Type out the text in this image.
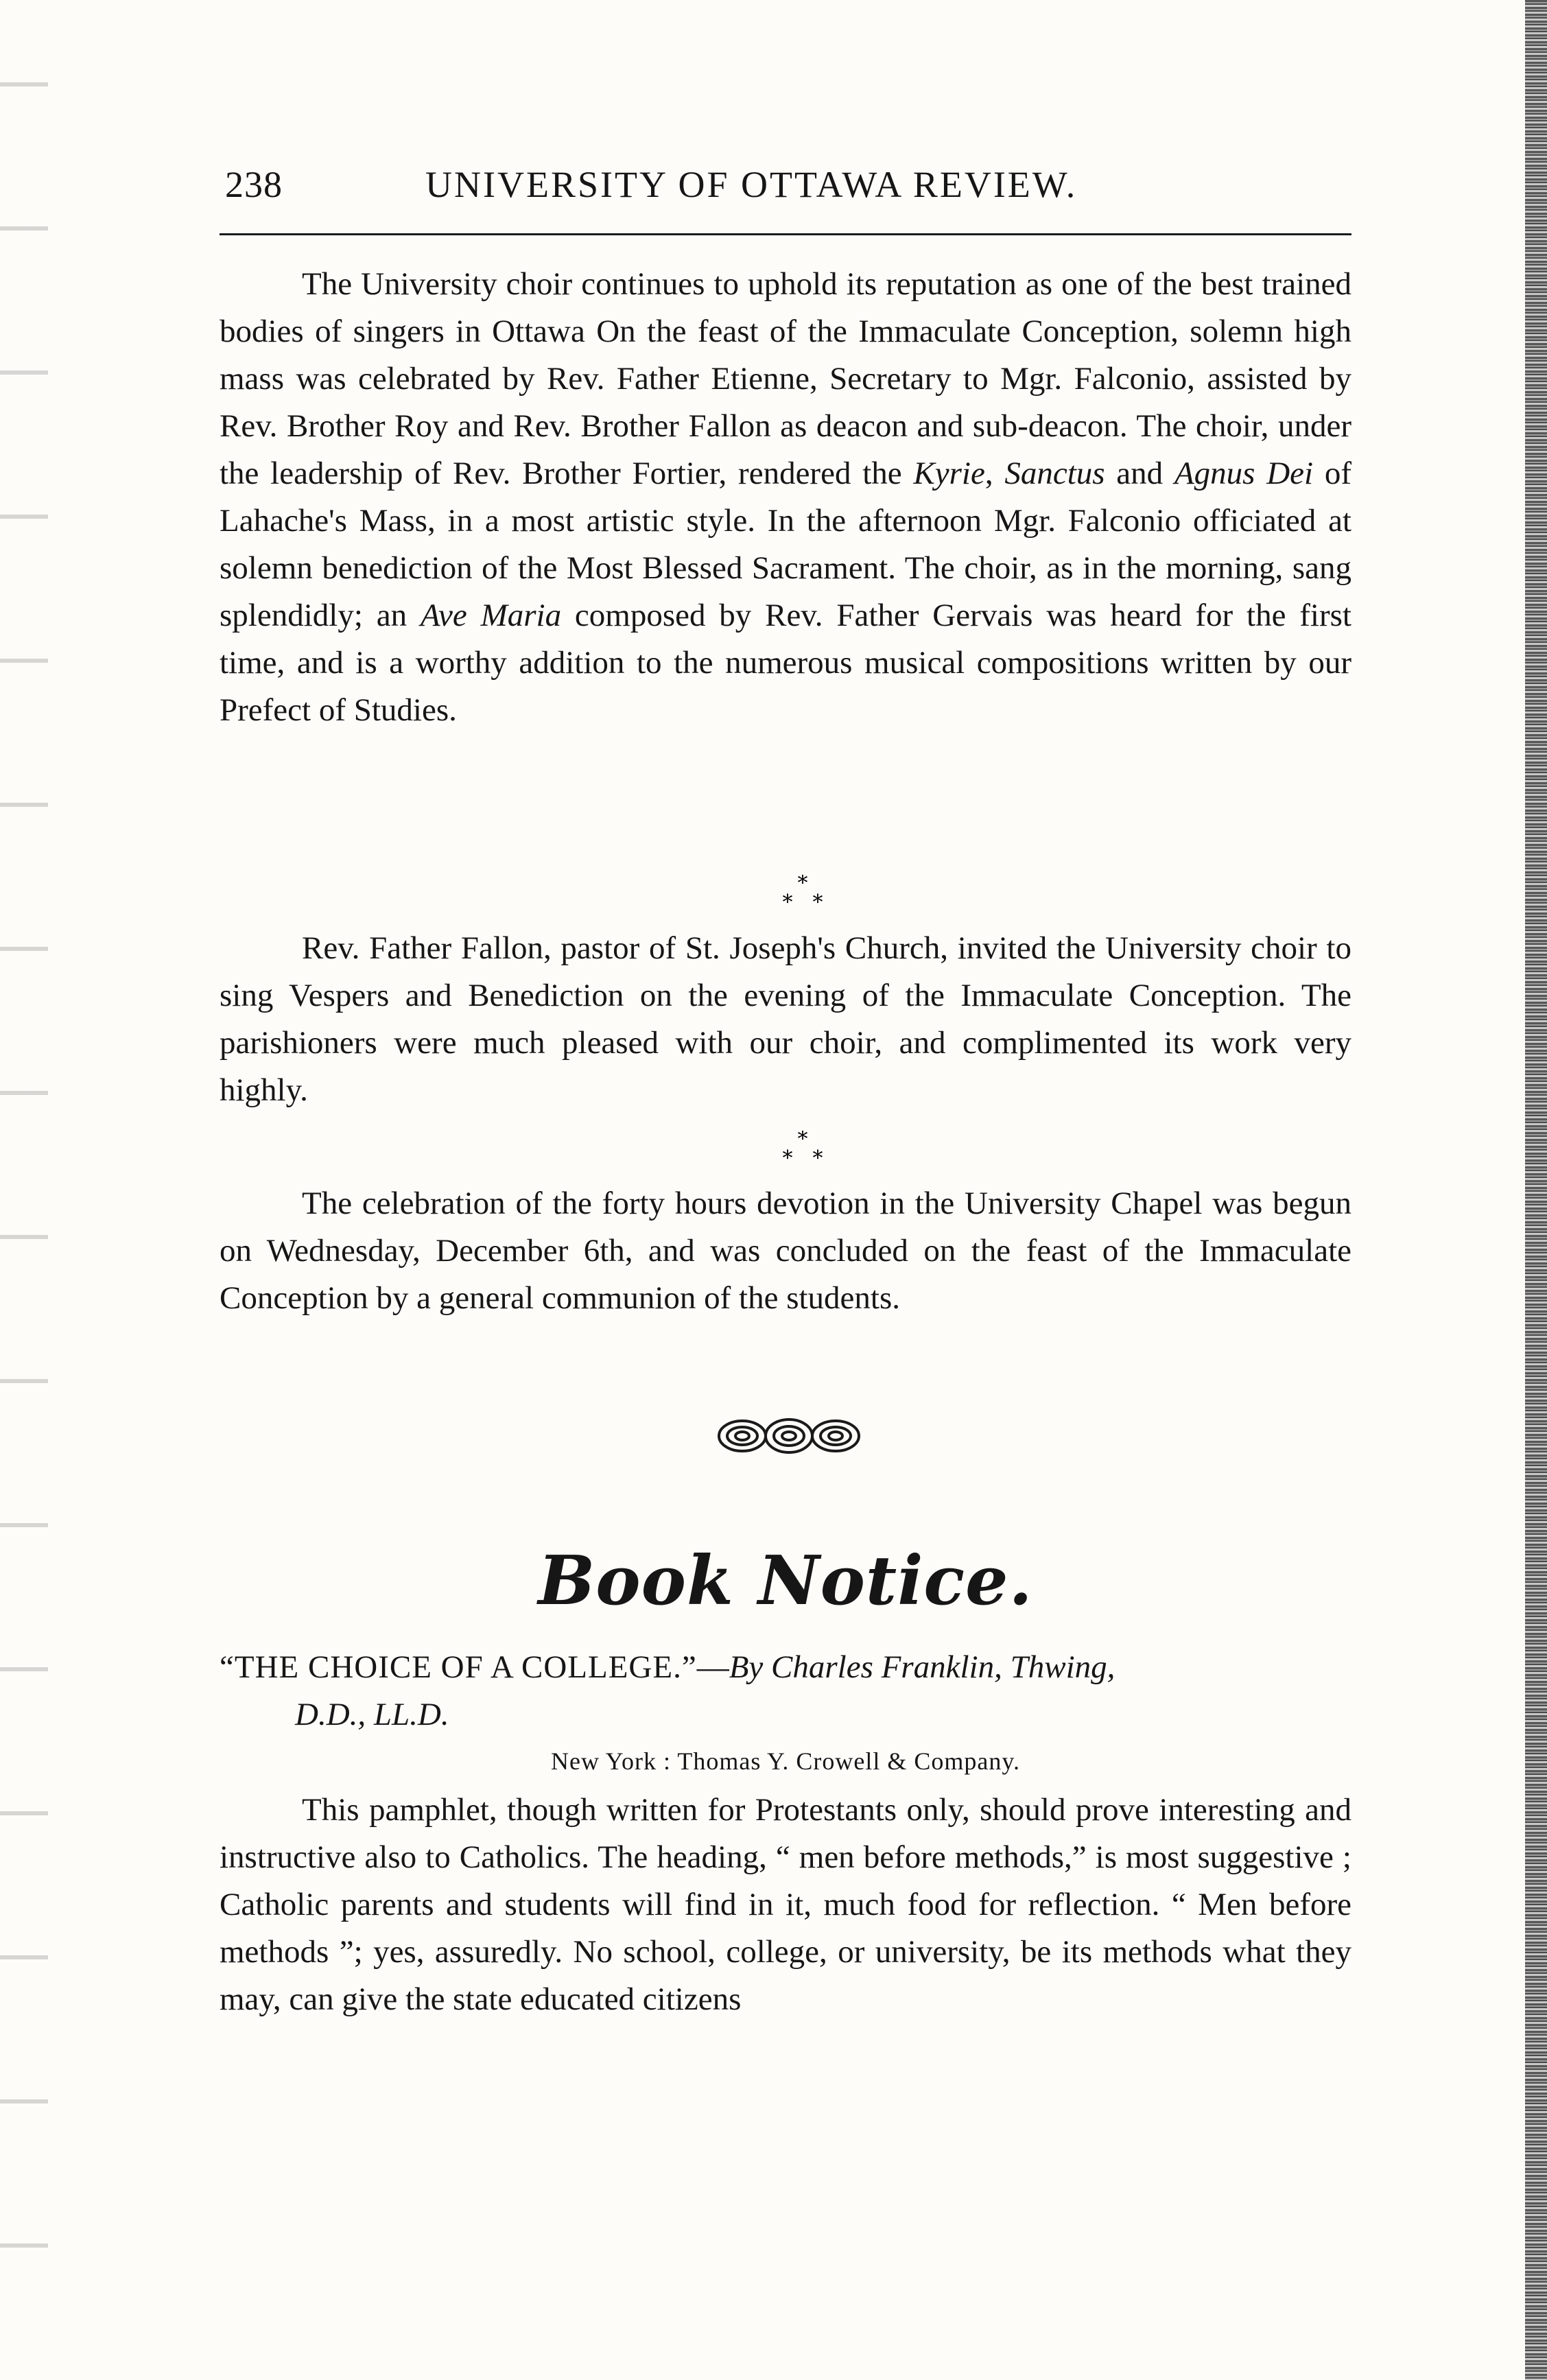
238	UNIVERSITY OF OTTAWA REVIEW.

The University choir continues to uphold its reputation as one of the best trained bodies of singers in Ottawa On the feast of the Immaculate Conception, solemn high mass was celebrated by Rev. Father Etienne, Secretary to Mgr. Falconio, assisted by Rev. Brother Roy and Rev. Brother Fallon as deacon and sub-deacon. The choir, under the leadership of Rev. Brother Fortier, rendered the Kyrie, Sanctus and Agnus Dei of Lahache's Mass, in a most artistic style. In the afternoon Mgr. Falconio officiated at solemn benediction of the Most Blessed Sacrament. The choir, as in the morning, sang splendidly; an Ave Maria composed by Rev. Father Gervais was heard for the first time, and is a worthy addition to the numerous musical compositions written by our Prefect of Studies.

*
* *

Rev. Father Fallon, pastor of St. Joseph's Church, invited the University choir to sing Vespers and Benediction on the evening of the Immaculate Conception. The parishioners were much pleased with our choir, and complimented its work very highly.

*
* *

The celebration of the forty hours devotion in the University Chapel was begun on Wednesday, December 6th, and was concluded on the feast of the Immaculate Conception by a general communion of the students.

Book Notice.
“THE CHOICE OF A COLLEGE.”—By Charles Franklin, Thwing,
D.D., LL.D.
New York : Thomas Y. Crowell & Company.

This pamphlet, though written for Protestants only, should prove interesting and instructive also to Catholics. The heading, “ men before methods,” is most suggestive ; Catholic parents and students will find in it, much food for reflection. “ Men before methods ”; yes, assuredly. No school, college, or university, be its methods what they may, can give the state educated citizens
